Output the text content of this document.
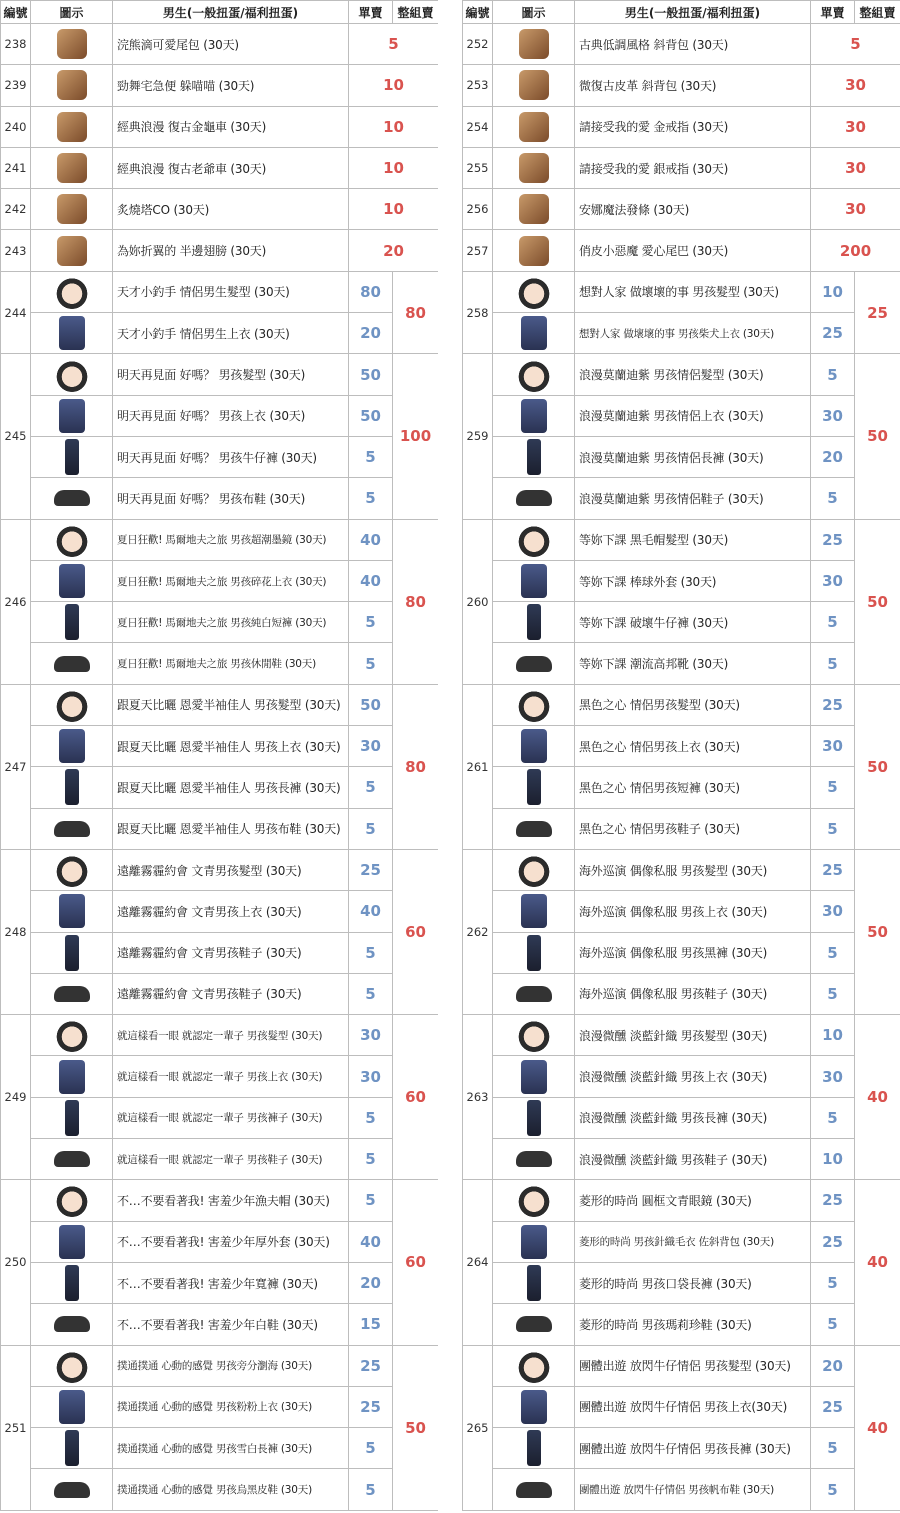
編號	圖示	男生(一般扭蛋/福利扭蛋)	單賣	整組賣
238		浣熊滴可愛尾包 (30天)	5	
239		勁舞宅急便 躲喵喵 (30天)	10	
240		經典浪漫 復古金龜車 (30天)	10	
241		經典浪漫 復古老爺車 (30天)	10	
242		炙燒塔CO (30天)	10	
243		為妳折翼的 半邊翅膀 (30天)	20	
244		天才小釣手 情侶男生髮型 (30天)	80	80
		天才小釣手 情侶男生上衣 (30天)	20	
245		明天再見面 好嗎？ 男孩髮型 (30天)	50	100
		明天再見面 好嗎？ 男孩上衣 (30天)	50	
		明天再見面 好嗎？ 男孩牛仔褲 (30天)	5	
		明天再見面 好嗎？ 男孩布鞋 (30天)	5	
246		夏日狂歡! 馬爾地夫之旅 男孩超潮墨鏡 (30天)	40	80
		夏日狂歡! 馬爾地夫之旅 男孩碎花上衣 (30天)	40	
		夏日狂歡! 馬爾地夫之旅 男孩純白短褲 (30天)	5	
		夏日狂歡! 馬爾地夫之旅 男孩休閒鞋 (30天)	5	
247		跟夏天比曬 恩愛半袖佳人 男孩髮型 (30天)	50	80
		跟夏天比曬 恩愛半袖佳人 男孩上衣 (30天)	30	
		跟夏天比曬 恩愛半袖佳人 男孩長褲 (30天)	5	
		跟夏天比曬 恩愛半袖佳人 男孩布鞋 (30天)	5	
248		遠離霧霾約會 文青男孩髮型 (30天)	25	60
		遠離霧霾約會 文青男孩上衣 (30天)	40	
		遠離霧霾約會 文青男孩鞋子 (30天)	5	
		遠離霧霾約會 文青男孩鞋子 (30天)	5	
249		就這樣看一眼 就認定一輩子 男孩髮型 (30天)	30	60
		就這樣看一眼 就認定一輩子 男孩上衣 (30天)	30	
		就這樣看一眼 就認定一輩子 男孩褲子 (30天)	5	
		就這樣看一眼 就認定一輩子 男孩鞋子 (30天)	5	
250		不…不要看著我! 害羞少年漁夫帽 (30天)	5	60
		不…不要看著我! 害羞少年厚外套 (30天)	40	
		不…不要看著我! 害羞少年寬褲 (30天)	20	
		不…不要看著我! 害羞少年白鞋 (30天)	15	
251		撲通撲通 心動的感覺 男孩旁分瀏海 (30天)	25	50
		撲通撲通 心動的感覺 男孩粉粉上衣 (30天)	25	
		撲通撲通 心動的感覺 男孩雪白長褲 (30天)	5	
		撲通撲通 心動的感覺 男孩烏黑皮鞋 (30天)	5	
編號	圖示	男生(一般扭蛋/福利扭蛋)	單賣	整組賣
252		古典低調風格 斜背包 (30天)	5	
253		微復古皮革 斜背包 (30天)	30	
254		請接受我的愛 金戒指 (30天)	30	
255		請接受我的愛 銀戒指 (30天)	30	
256		安娜魔法發條 (30天)	30	
257		俏皮小惡魔 愛心尾巴 (30天)	200	
258		想對人家 做壞壞的事 男孩髮型 (30天)	10	25
		想對人家 做壞壞的事 男孩柴犬上衣 (30天)	25	
259		浪漫莫蘭迪紫 男孩情侶髮型 (30天)	5	50
		浪漫莫蘭迪紫 男孩情侶上衣 (30天)	30	
		浪漫莫蘭迪紫 男孩情侶長褲 (30天)	20	
		浪漫莫蘭迪紫 男孩情侶鞋子 (30天)	5	
260		等妳下課 黑毛帽髮型 (30天)	25	50
		等妳下課 棒球外套 (30天)	30	
		等妳下課 破壞牛仔褲 (30天)	5	
		等妳下課 潮流高邦靴 (30天)	5	
261		黑色之心 情侶男孩髮型 (30天)	25	50
		黑色之心 情侶男孩上衣 (30天)	30	
		黑色之心 情侶男孩短褲 (30天)	5	
		黑色之心 情侶男孩鞋子 (30天)	5	
262		海外巡演 偶像私服 男孩髮型 (30天)	25	50
		海外巡演 偶像私服 男孩上衣 (30天)	30	
		海外巡演 偶像私服 男孩黑褲 (30天)	5	
		海外巡演 偶像私服 男孩鞋子 (30天)	5	
263		浪漫微醺 淡藍針織 男孩髮型 (30天)	10	40
		浪漫微醺 淡藍針織 男孩上衣 (30天)	30	
		浪漫微醺 淡藍針織 男孩長褲 (30天)	5	
		浪漫微醺 淡藍針織 男孩鞋子 (30天)	10	
264		菱形的時尚 圓框文青眼鏡 (30天)	25	40
		菱形的時尚 男孩針織毛衣 佐斜背包 (30天)	25	
		菱形的時尚 男孩口袋長褲 (30天)	5	
		菱形的時尚 男孩瑪莉珍鞋 (30天)	5	
265		團體出遊 放閃牛仔情侶 男孩髮型 (30天)	20	40
		團體出遊 放閃牛仔情侶 男孩上衣(30天)	25	
		團體出遊 放閃牛仔情侶 男孩長褲 (30天)	5	
		團體出遊 放閃牛仔情侶 男孩帆布鞋 (30天)	5	
